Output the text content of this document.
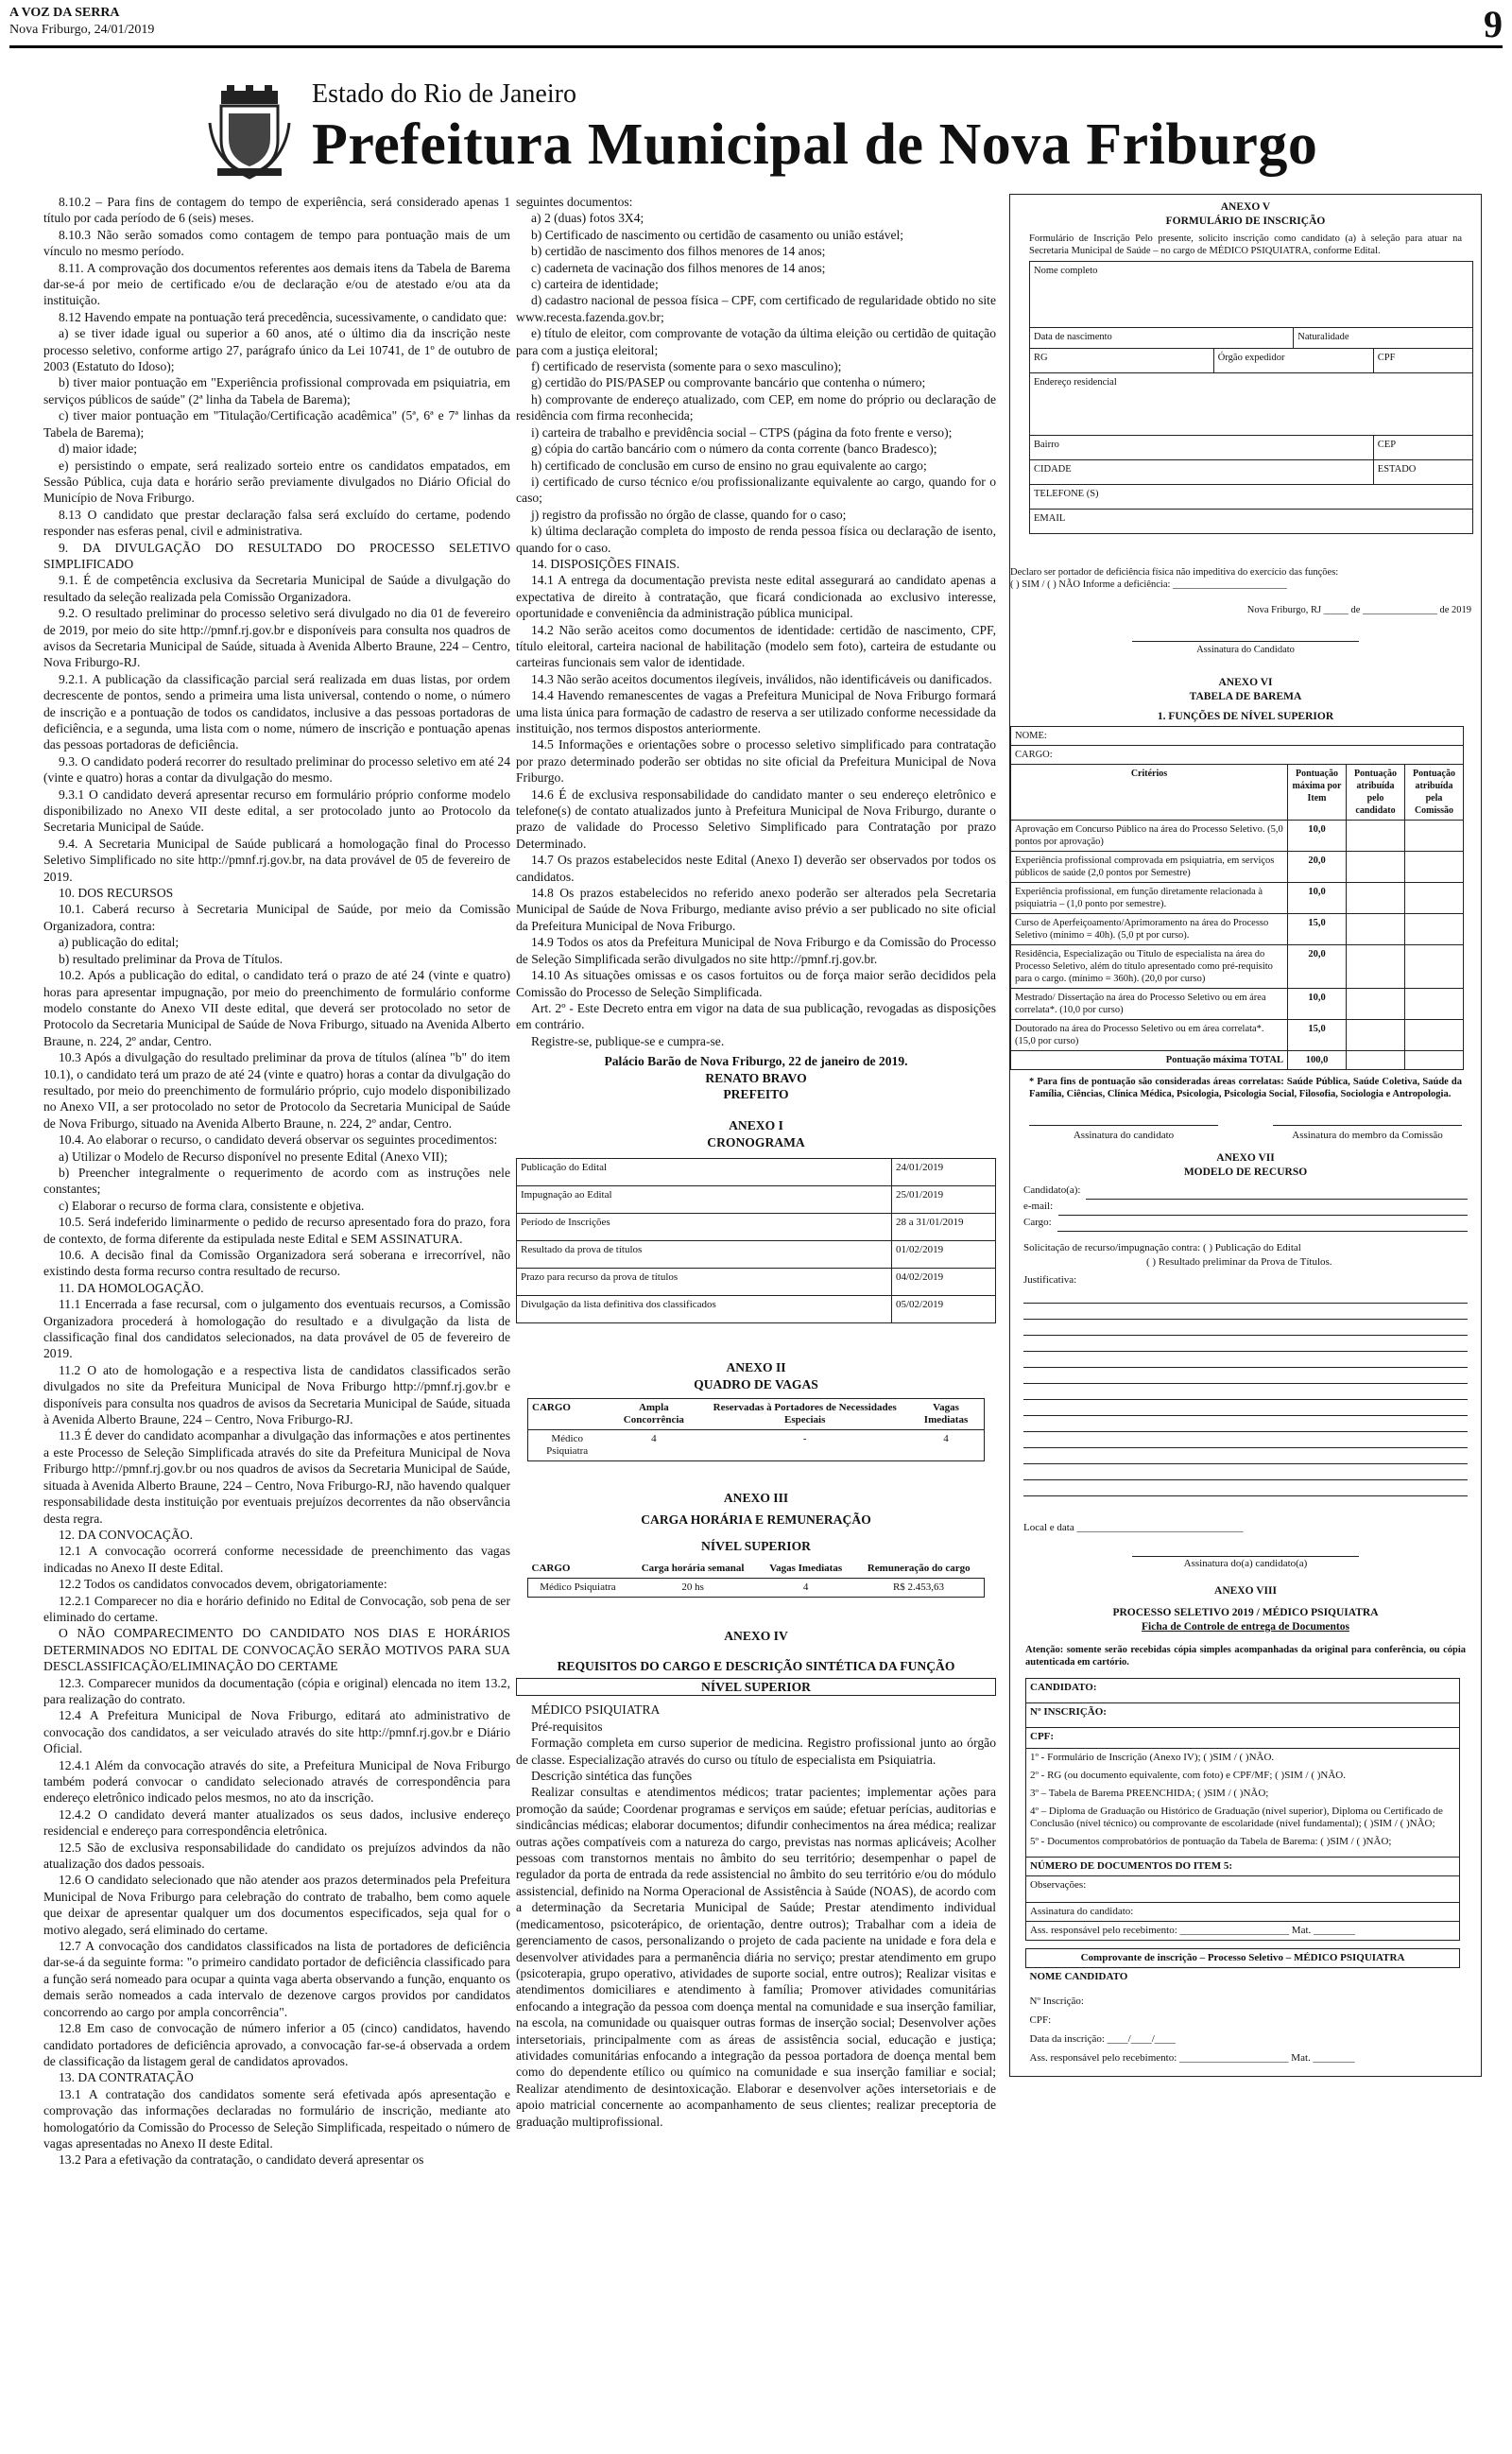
A VOZ DA SERRA
Nova Friburgo, 24/01/2019	9
Estado do Rio de Janeiro
Prefeitura Municipal de Nova Friburgo

8.10.2 – Para fins de contagem do tempo de experiência, será considerado apenas 1 título por cada período de 6 (seis) meses.

8.10.3 Não serão somados como contagem de tempo para pontuação mais de um vínculo no mesmo período.

8.11. A comprovação dos documentos referentes aos demais itens da Tabela de Barema dar-se-á por meio de certificado e/ou de declaração e/ou de atestado e/ou ata da instituição.

8.12 Havendo empate na pontuação terá precedência, sucessivamente, o candidato que:

a) se tiver idade igual ou superior a 60 anos, até o último dia da inscrição neste processo seletivo, conforme artigo 27, parágrafo único da Lei 10741, de 1º de outubro de 2003 (Estatuto do Idoso);

b) tiver maior pontuação em "Experiência profissional comprovada em psiquiatria, em serviços públicos de saúde" (2ª linha da Tabela de Barema);

c) tiver maior pontuação em "Titulação/Certificação acadêmica" (5ª, 6ª e 7ª linhas da Tabela de Barema);

d) maior idade;

e) persistindo o empate, será realizado sorteio entre os candidatos empatados, em Sessão Pública, cuja data e horário serão previamente divulgados no Diário Oficial do Município de Nova Friburgo.

8.13 O candidato que prestar declaração falsa será excluído do certame, podendo responder nas esferas penal, civil e administrativa.

9. DA DIVULGAÇÃO DO RESULTADO DO PROCESSO SELETIVO SIMPLIFICADO

9.1. É de competência exclusiva da Secretaria Municipal de Saúde a divulgação do resultado da seleção realizada pela Comissão Organizadora.

9.2. O resultado preliminar do processo seletivo será divulgado no dia 01 de fevereiro de 2019, por meio do site http://pmnf.rj.gov.br e disponíveis para consulta nos quadros de avisos da Secretaria Municipal de Saúde, situada à Avenida Alberto Braune, 224 – Centro, Nova Friburgo-RJ.

9.2.1. A publicação da classificação parcial será realizada em duas listas, por ordem decrescente de pontos, sendo a primeira uma lista universal, contendo o nome, o número de inscrição e a pontuação de todos os candidatos, inclusive a das pessoas portadoras de deficiência, e a segunda, uma lista com o nome, número de inscrição e pontuação apenas das pessoas portadoras de deficiência.

9.3. O candidato poderá recorrer do resultado preliminar do processo seletivo em até 24 (vinte e quatro) horas a contar da divulgação do mesmo.

9.3.1 O candidato deverá apresentar recurso em formulário próprio conforme modelo disponibilizado no Anexo VII deste edital, a ser protocolado junto ao Protocolo da Secretaria Municipal de Saúde.

9.4. A Secretaria Municipal de Saúde publicará a homologação final do Processo Seletivo Simplificado no site http://pmnf.rj.gov.br, na data provável de 05 de fevereiro de 2019.

10. DOS RECURSOS

10.1. Caberá recurso à Secretaria Municipal de Saúde, por meio da Comissão Organizadora, contra:

a) publicação do edital;

b) resultado preliminar da Prova de Títulos.

10.2. Após a publicação do edital, o candidato terá o prazo de até 24 (vinte e quatro) horas para apresentar impugnação, por meio do preenchimento de formulário conforme modelo constante do Anexo VII deste edital, que deverá ser protocolado no setor de Protocolo da Secretaria Municipal de Saúde de Nova Friburgo, situado na Avenida Alberto Braune, n. 224, 2º andar, Centro.

10.3 Após a divulgação do resultado preliminar da prova de títulos (alínea "b" do item 10.1), o candidato terá um prazo de até 24 (vinte e quatro) horas a contar da divulgação do resultado, por meio do preenchimento de formulário próprio, cujo modelo disponibilizado no Anexo VII, a ser protocolado no setor de Protocolo da Secretaria Municipal de Saúde de Nova Friburgo, situado na Avenida Alberto Braune, n. 224, 2º andar, Centro.

10.4. Ao elaborar o recurso, o candidato deverá observar os seguintes procedimentos:

a) Utilizar o Modelo de Recurso disponível no presente Edital (Anexo VII);

b) Preencher integralmente o requerimento de acordo com as instruções nele constantes;

c) Elaborar o recurso de forma clara, consistente e objetiva.

10.5. Será indeferido liminarmente o pedido de recurso apresentado fora do prazo, fora de contexto, de forma diferente da estipulada neste Edital e SEM ASSINATURA.

10.6. A decisão final da Comissão Organizadora será soberana e irrecorrível, não existindo desta forma recurso contra resultado de recurso.

11. DA HOMOLOGAÇÃO.

11.1 Encerrada a fase recursal, com o julgamento dos eventuais recursos, a Comissão Organizadora procederá à homologação do resultado e a divulgação da lista de classificação final dos candidatos selecionados, na data provável de 05 de fevereiro de 2019.

11.2 O ato de homologação e a respectiva lista de candidatos classificados serão divulgados no site da Prefeitura Municipal de Nova Friburgo http://pmnf.rj.gov.br e disponíveis para consulta nos quadros de avisos da Secretaria Municipal de Saúde, situada à Avenida Alberto Braune, 224 – Centro, Nova Friburgo-RJ.

11.3 É dever do candidato acompanhar a divulgação das informações e atos pertinentes a este Processo de Seleção Simplificada através do site da Prefeitura Municipal de Nova Friburgo http://pmnf.rj.gov.br ou nos quadros de avisos da Secretaria Municipal de Saúde, situada à Avenida Alberto Braune, 224 – Centro, Nova Friburgo-RJ, não havendo qualquer responsabilidade desta instituição por eventuais prejuízos decorrentes da não observância desta regra.

12. DA CONVOCAÇÃO.

12.1 A convocação ocorrerá conforme necessidade de preenchimento das vagas indicadas no Anexo II deste Edital.

12.2 Todos os candidatos convocados devem, obrigatoriamente:

12.2.1 Comparecer no dia e horário definido no Edital de Convocação, sob pena de ser eliminado do certame.

O NÃO COMPARECIMENTO DO CANDIDATO NOS DIAS E HORÁRIOS DETERMINADOS NO EDITAL DE CONVOCAÇÃO SERÃO MOTIVOS PARA SUA DESCLASSIFICAÇÃO/ELIMINAÇÃO DO CERTAME

12.3. Comparecer munidos da documentação (cópia e original) elencada no item 13.2, para realização do contrato.

12.4 A Prefeitura Municipal de Nova Friburgo, editará ato administrativo de convocação dos candidatos, a ser veiculado através do site http://pmnf.rj.gov.br e Diário Oficial.

12.4.1 Além da convocação através do site, a Prefeitura Municipal de Nova Friburgo também poderá convocar o candidato selecionado através de correspondência para endereço eletrônico indicado pelos mesmos, no ato da inscrição.

12.4.2 O candidato deverá manter atualizados os seus dados, inclusive endereço residencial e endereço para correspondência eletrônica.

12.5 São de exclusiva responsabilidade do candidato os prejuízos advindos da não atualização dos dados pessoais.

12.6 O candidato selecionado que não atender aos prazos determinados pela Prefeitura Municipal de Nova Friburgo para celebração do contrato de trabalho, bem como aquele que deixar de apresentar qualquer um dos documentos especificados, seja qual for o motivo alegado, será eliminado do certame.

12.7 A convocação dos candidatos classificados na lista de portadores de deficiência dar-se-á da seguinte forma: "o primeiro candidato portador de deficiência classificado para a função será nomeado para ocupar a quinta vaga aberta observando a função, enquanto os demais serão nomeados a cada intervalo de dezenove cargos providos por candidatos concorrendo ao cargo por ampla concorrência".

12.8 Em caso de convocação de número inferior a 05 (cinco) candidatos, havendo candidato portadores de deficiência aprovado, a convocação far-se-á observada a ordem de classificação da listagem geral de candidatos aprovados.

13. DA CONTRATAÇÃO

13.1 A contratação dos candidatos somente será efetivada após apresentação e comprovação das informações declaradas no formulário de inscrição, mediante ato homologatório da Comissão do Processo de Seleção Simplificada, respeitado o número de vagas apresentadas no Anexo II deste Edital.

13.2 Para a efetivação da contratação, o candidato deverá apresentar os

seguintes documentos:

a) 2 (duas) fotos 3X4;

b) Certificado de nascimento ou certidão de casamento ou união estável;

b) certidão de nascimento dos filhos menores de 14 anos;

c) caderneta de vacinação dos filhos menores de 14 anos;

c) carteira de identidade;

d) cadastro nacional de pessoa física – CPF, com certificado de regularidade obtido no site www.recesta.fazenda.gov.br;

e) título de eleitor, com comprovante de votação da última eleição ou certidão de quitação para com a justiça eleitoral;

f) certificado de reservista (somente para o sexo masculino);

g) certidão do PIS/PASEP ou comprovante bancário que contenha o número;

h) comprovante de endereço atualizado, com CEP, em nome do próprio ou declaração de residência com firma reconhecida;

i) carteira de trabalho e previdência social – CTPS (página da foto frente e verso);

g) cópia do cartão bancário com o número da conta corrente (banco Bradesco);

h) certificado de conclusão em curso de ensino no grau equivalente ao cargo;

i) certificado de curso técnico e/ou profissionalizante equivalente ao cargo, quando for o caso;

j) registro da profissão no órgão de classe, quando for o caso;

k) última declaração completa do imposto de renda pessoa física ou declaração de isento, quando for o caso.

14. DISPOSIÇÕES FINAIS.

14.1 A entrega da documentação prevista neste edital assegurará ao candidato apenas a expectativa de direito à contratação, que ficará condicionada ao exclusivo interesse, oportunidade e conveniência da administração pública municipal.

14.2 Não serão aceitos como documentos de identidade: certidão de nascimento, CPF, título eleitoral, carteira nacional de habilitação (modelo sem foto), carteira de estudante ou carteiras funcionais sem valor de identidade.

14.3 Não serão aceitos documentos ilegíveis, inválidos, não identificáveis ou danificados.

14.4 Havendo remanescentes de vagas a Prefeitura Municipal de Nova Friburgo formará uma lista única para formação de cadastro de reserva a ser utilizado conforme necessidade da instituição, nos termos dispostos anteriormente.

14.5 Informações e orientações sobre o processo seletivo simplificado para contratação por prazo determinado poderão ser obtidas no site oficial da Prefeitura Municipal de Nova Friburgo.

14.6 É de exclusiva responsabilidade do candidato manter o seu endereço eletrônico e telefone(s) de contato atualizados junto à Prefeitura Municipal de Nova Friburgo, durante o prazo de validade do Processo Seletivo Simplificado para Contratação por prazo Determinado.

14.7 Os prazos estabelecidos neste Edital (Anexo I) deverão ser observados por todos os candidatos.

14.8 Os prazos estabelecidos no referido anexo poderão ser alterados pela Secretaria Municipal de Saúde de Nova Friburgo, mediante aviso prévio a ser publicado no site oficial da Prefeitura Municipal de Nova Friburgo.

14.9 Todos os atos da Prefeitura Municipal de Nova Friburgo e da Comissão do Processo de Seleção Simplificada serão divulgados no site http://pmnf.rj.gov.br.

14.10 As situações omissas e os casos fortuitos ou de força maior serão decididos pela Comissão do Processo de Seleção Simplificada.

Art. 2º - Este Decreto entra em vigor na data de sua publicação, revogadas as disposições em contrário.

Registre-se, publique-se e cumpra-se.

Palácio Barão de Nova Friburgo, 22 de janeiro de 2019.

RENATO BRAVO

PREFEITO

ANEXO I

CRONOGRAMA

Publicação do Edital	24/01/2019
Impugnação ao Edital	25/01/2019
Período de Inscrições	28 a 31/01/2019
Resultado da prova de títulos	01/02/2019
Prazo para recurso da prova de títulos	04/02/2019
Divulgação da lista definitiva dos classificados	05/02/2019

ANEXO II

QUADRO DE VAGAS

CARGO	Ampla Concorrência	Reservadas à Portadores de Necessidades Especiais	Vagas Imediatas
Médico Psiquiatra	4	-	4

ANEXO III

CARGA HORÁRIA E REMUNERAÇÃO

NÍVEL SUPERIOR

CARGO	Carga horária semanal	Vagas Imediatas	Remuneração do cargo
Médico Psiquiatra	20 hs	4	R$ 2.453,63

ANEXO IV

REQUISITOS DO CARGO E DESCRIÇÃO SINTÉTICA DA FUNÇÃO

NÍVEL SUPERIOR

MÉDICO PSIQUIATRA

Pré-requisitos

Formação completa em curso superior de medicina. Registro profissional junto ao órgão de classe. Especialização através do curso ou título de especialista em Psiquiatria.

Descrição sintética das funções

Realizar consultas e atendimentos médicos; tratar pacientes; implementar ações para promoção da saúde; Coordenar programas e serviços em saúde; efetuar perícias, auditorias e sindicâncias médicas; elaborar documentos; difundir conhecimentos na área médica; realizar outras ações compatíveis com a natureza do cargo, previstas nas normas aplicáveis; Acolher pessoas com transtornos mentais no âmbito do seu território; desempenhar o papel de regulador da porta de entrada da rede assistencial no âmbito do seu território e/ou do módulo assistencial, definido na Norma Operacional de Assistência à Saúde (NOAS), de acordo com a determinação da Secretaria Municipal de Saúde; Prestar atendimento individual (medicamentoso, psicoterápico, de orientação, dentre outros); Trabalhar com a ideia de gerenciamento de casos, personalizando o projeto de cada paciente na unidade e fora dela e desenvolver atividades para a permanência diária no serviço; prestar atendimento em grupo (psicoterapia, grupo operativo, atividades de suporte social, entre outros); Realizar visitas e atendimentos domiciliares e atendimento à família; Promover atividades comunitárias enfocando a integração da pessoa com doença mental na comunidade e sua inserção familiar, na escola, na comunidade ou quaisquer outras formas de inserção social; Desenvolver ações intersetoriais, principalmente com as áreas de assistência social, educação e justiça; atividades comunitárias enfocando a integração da pessoa portadora de doença mental bem como do dependente etílico ou químico na comunidade e sua inserção familiar e social; Realizar atendimento de desintoxicação. Elaborar e desenvolver ações intersetoriais e de apoio matricial concernente ao acompanhamento de seus clientes; realizar preceptoria de graduação multiprofissional.

ANEXO V

FORMULÁRIO DE INSCRIÇÃO

Formulário de Inscrição Pelo presente, solicito inscrição como candidato (a) à seleção para atuar na Secretaria Municipal de Saúde – no cargo de MÉDICO PSIQUIATRA, conforme Edital.

Nome completo			
Data de nascimento		Naturalidade	
RG	Órgão expedidor		CPF
Endereço residencial			
Bairro			CEP
CIDADE			ESTADO
TELEFONE (S)			
EMAIL			

Declaro ser portador de deficiência física não impeditiva do exercício das funções:

( ) SIM / ( ) NÃO Informe a deficiência: _______________________

Nova Friburgo, RJ _____ de _______________ de 2019

Assinatura do Candidato

ANEXO VI

TABELA DE BAREMA

1. FUNÇÕES DE NÍVEL SUPERIOR

NOME:			
CARGO:			
Critérios	Pontuação máxima por Item	Pontuação atribuída pelo candidato	Pontuação atribuída pela Comissão
Aprovação em Concurso Público na área do Processo Seletivo. (5,0 pontos por aprovação)	10,0		
Experiência profissional comprovada em psiquiatria, em serviços públicos de saúde (2,0 pontos por Semestre)	20,0		
Experiência profissional, em função diretamente relacionada à psiquiatria – (1,0 ponto por semestre).	10,0		
Curso de Aperfeiçoamento/Aprimoramento na área do Processo Seletivo (mínimo = 40h). (5,0 pt por curso).	15,0		
Residência, Especialização ou Título de especialista na área do Processo Seletivo, além do título apresentado como pré-requisito para o cargo. (mínimo = 360h). (20,0 por curso)	20,0		
Mestrado/ Dissertação na área do Processo Seletivo ou em área correlata*. (10,0 por curso)	10,0		
Doutorado na área do Processo Seletivo ou em área correlata*. (15,0 por curso)	15,0		
Pontuação máxima TOTAL	100,0		

* Para fins de pontuação são consideradas áreas correlatas: Saúde Pública, Saúde Coletiva, Saúde da Família, Ciências, Clínica Médica, Psicologia, Psicologia Social, Filosofia, Sociologia e Antropologia.

Assinatura do candidato	Assinatura do membro da Comissão

ANEXO VII

MODELO DE RECURSO

Candidato(a):
e-mail:
Cargo:

Solicitação de recurso/impugnação contra: ( ) Publicação do Edital

( ) Resultado preliminar da Prova de Títulos.

Justificativa:

Local e data ________________________________

Assinatura do(a) candidato(a)

ANEXO VIII

PROCESSO SELETIVO 2019 / MÉDICO PSIQUIATRA

Ficha de Controle de entrega de Documentos

Atenção: somente serão recebidas cópia simples acompanhadas da original para conferência, ou cópia autenticada em cartório.

CANDIDATO:
Nº INSCRIÇÃO:
CPF:

1º - Formulário de Inscrição (Anexo IV); ( )SIM / ( )NÃO.

2º - RG (ou documento equivalente, com foto) e CPF/MF; ( )SIM / ( )NÃO.

3º – Tabela de Barema PREENCHIDA; ( )SIM / ( )NÃO;

4º – Diploma de Graduação ou Histórico de Graduação (nível superior), Diploma ou Certificado de Conclusão (nível técnico) ou comprovante de escolaridade (nível fundamental); ( )SIM / ( )NÃO;

5º - Documentos comprobatórios de pontuação da Tabela de Barema: ( )SIM / ( )NÃO;

NÚMERO DE DOCUMENTOS DO ITEM 5:
Observações:
Assinatura do candidato:
Ass. responsável pelo recebimento: _____________________ Mat. ________
Comprovante de inscrição – Processo Seletivo – MÉDICO PSIQUIATRA
NOME CANDIDATO
Nº Inscrição:
CPF:
Data da inscrição: ____/____/____
Ass. responsável pelo recebimento: _____________________ Mat. ________
